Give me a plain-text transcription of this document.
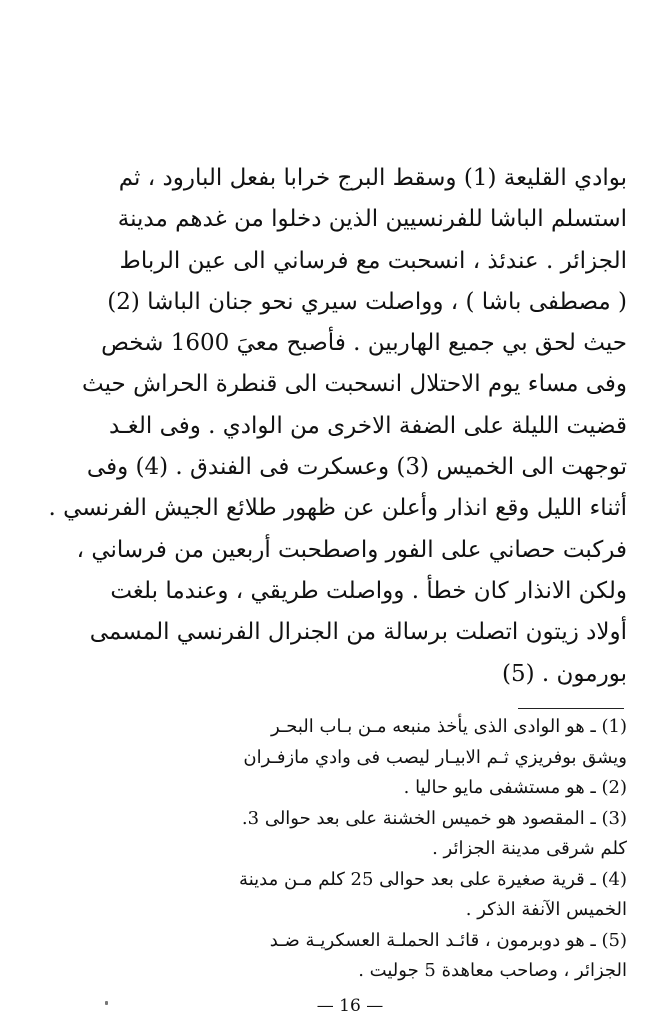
بوادي القليعة (1) وسقط البرج خرابا بفعل البارود ، ثم
استسلم الباشا للفرنسيين الذين دخلوا من غدهم مدينة
الجزائر . عندئذ ، انسحبت مع فرساني الى عين الرباط
( مصطفى باشا ) ، وواصلت سيري نحو جنان الباشا (2)
حيث لحق بي جميع الهاربين . فأصبح معيَ 1600 شخص
وفى مساء يوم الاحتلال انسحبت الى قنطرة الحراش حيث
قضيت الليلة على الضفة الاخرى من الوادي . وفى الغـد
توجهت الى الخميس (3) وعسكرت فى الفندق . (4) وفى
أثناء الليل وقع انذار وأعلن عن ظهور طلائع الجيش الفرنسي .
فركبت حصاني على الفور واصطحبت أربعين من فرساني ،
ولكن الانذار كان خطأ . وواصلت طريقي ، وعندما بلغت
أولاد زيتون اتصلت برسالة من الجنرال الفرنسي المسمى
بورمون . (5)
(1) ـ هو الوادى الذى يأخذ منبعه مـن بـاب البحـر
ويشق بوفريزي ثـم الابيـار ليصب فى وادي مازفـران
(2) ـ هو مستشفى مايو حاليا .
(3) ـ المقصود هو خميس الخشنة على بعد حوالى 3.
كلم شرقى مدينة الجزائر .
(4) ـ قرية صغيرة على بعد حوالى 25 كلم مـن مدينة
الخميس الآنفة الذكر .
(5) ـ هو دوبرمون ، قائـد الحملـة العسكريـة ضـد
الجزائر ، وصاحب معاهدة 5 جوليت .
— 16 —
